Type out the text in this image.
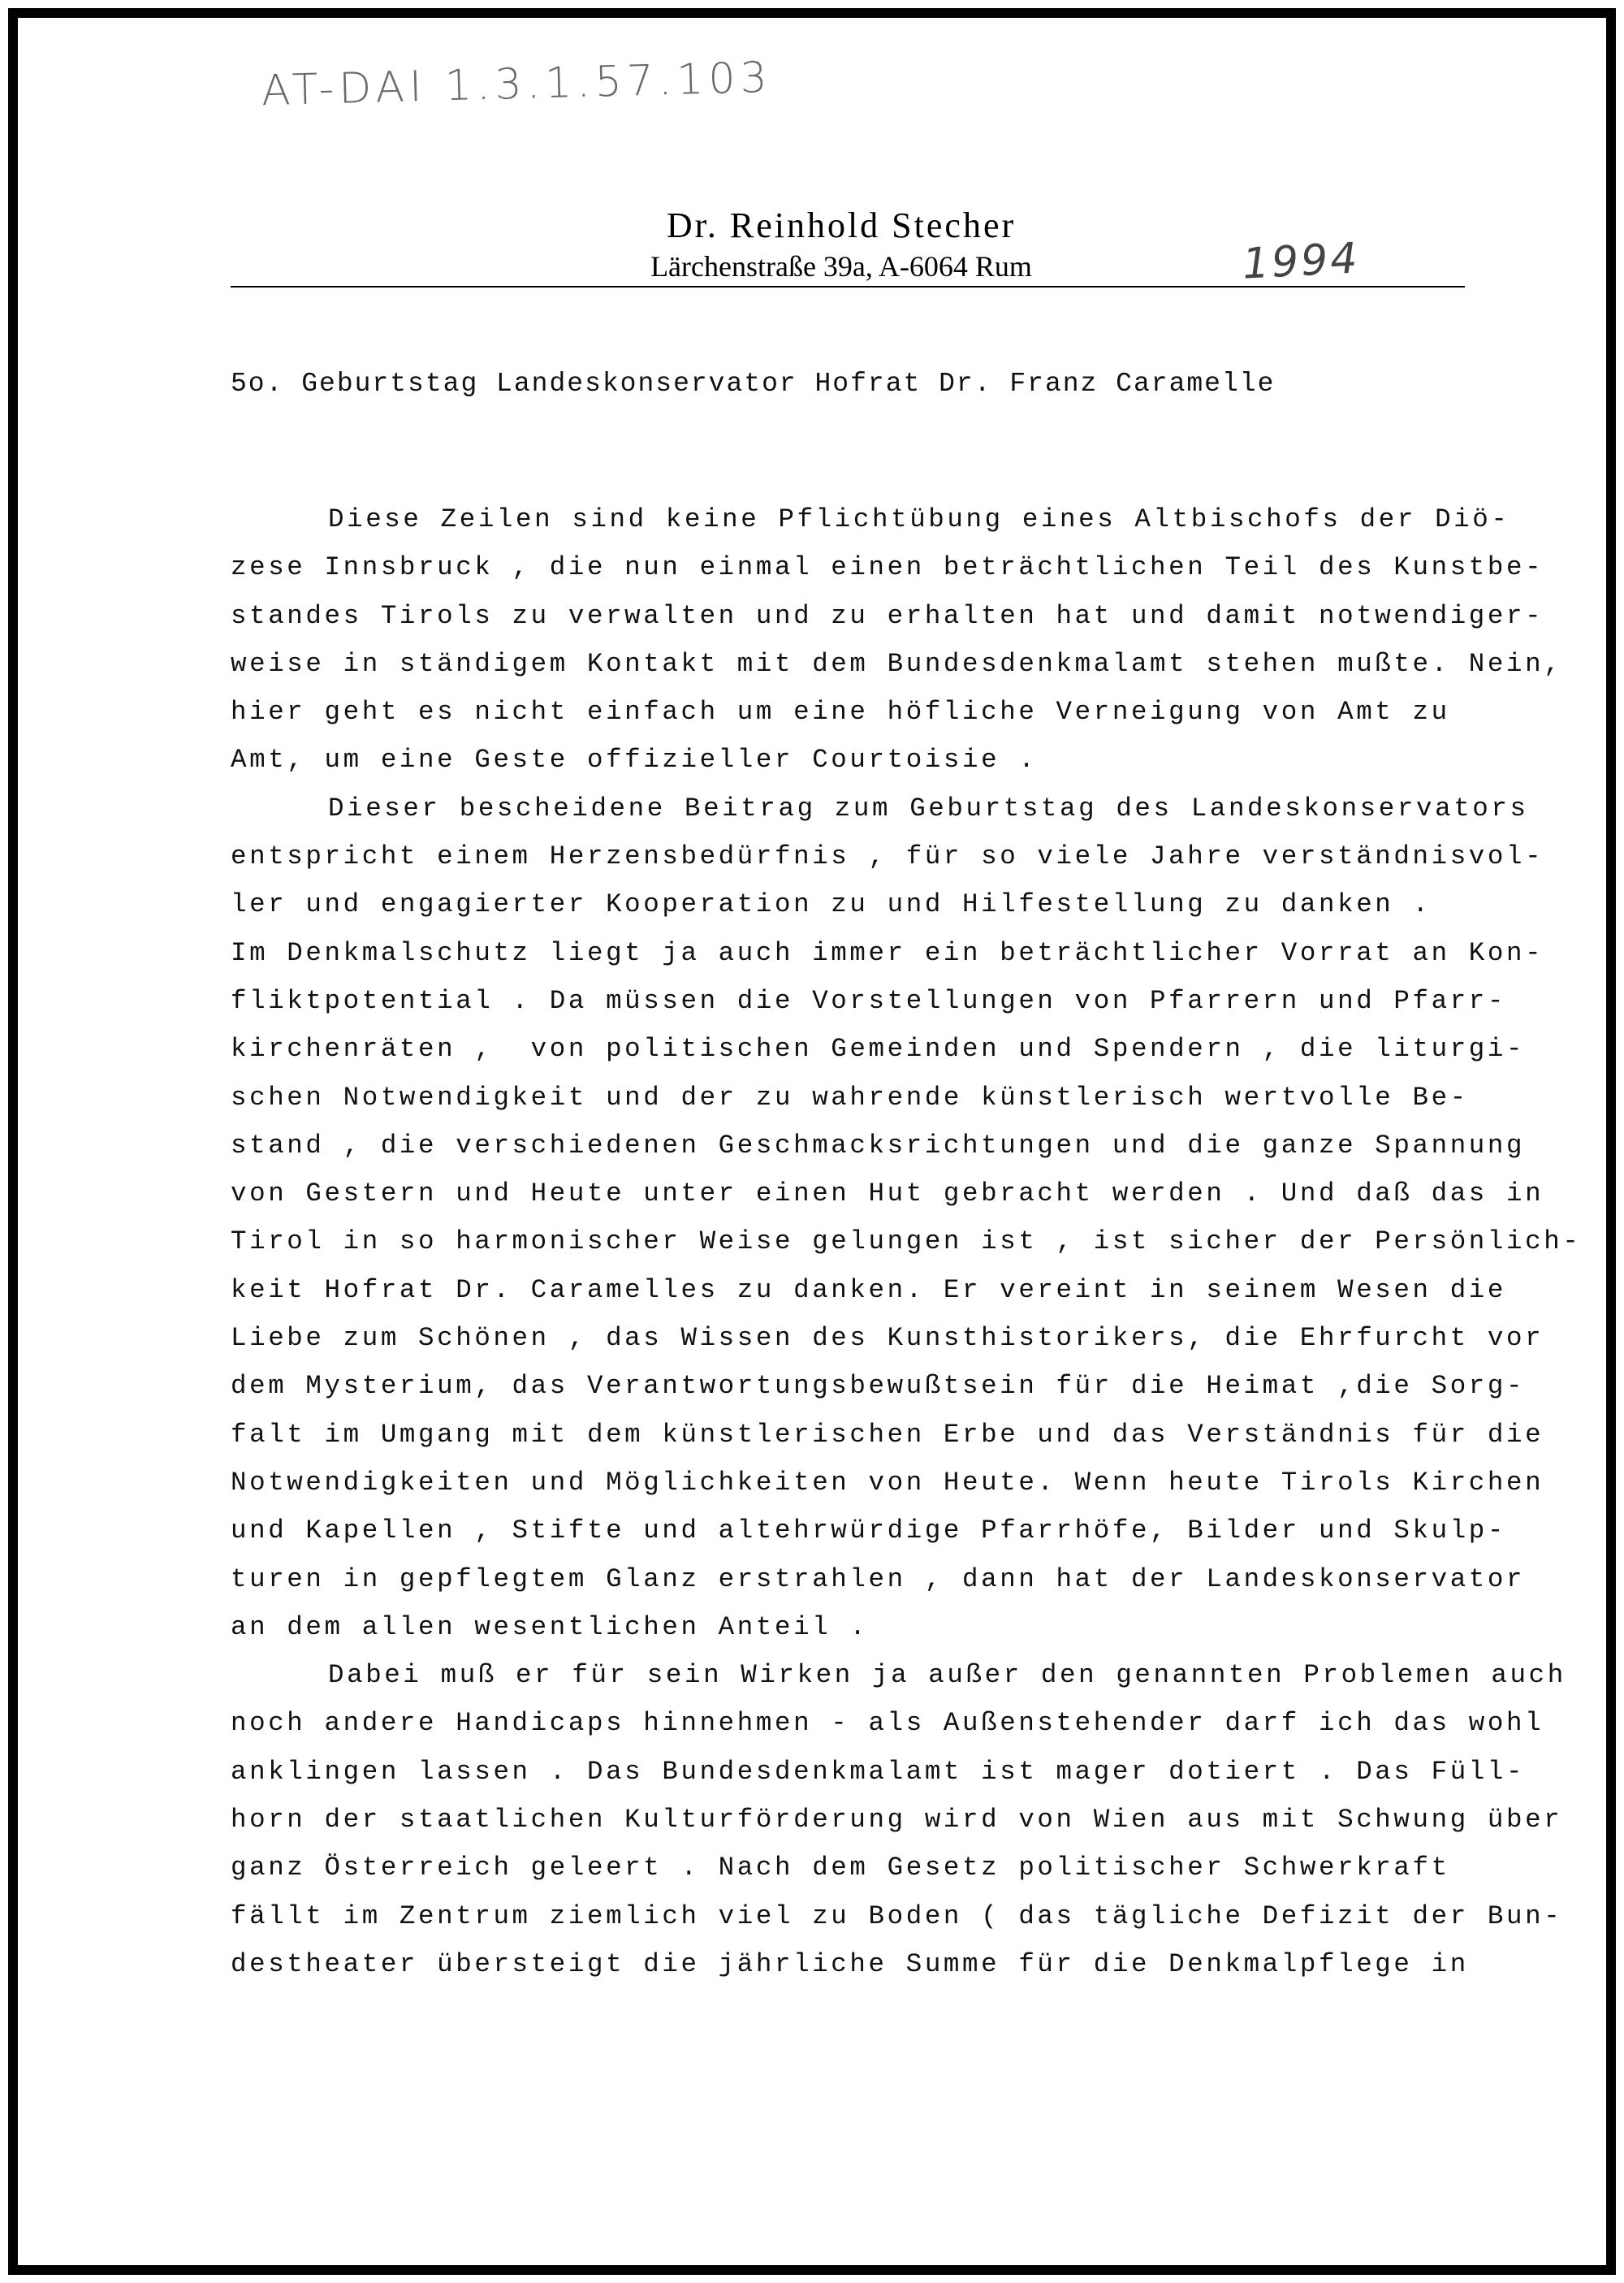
AT-DAI 1.3.1.57.103
Dr. Reinhold Stecher
Lärchenstraße 39a, A-6064 Rum	1994
5o. Geburtstag Landeskonservator Hofrat Dr. Franz Caramelle
Diese Zeilen sind keine Pflichtübung eines Altbischofs der Diö-
zese Innsbruck , die nun einmal einen beträchtlichen Teil des Kunstbe-
standes Tirols zu verwalten und zu erhalten hat und damit notwendiger-
weise in ständigem Kontakt mit dem Bundesdenkmalamt stehen mußte. Nein,
hier geht es nicht einfach um eine höfliche Verneigung von Amt zu
Amt, um eine Geste offizieller Courtoisie .
Dieser bescheidene Beitrag zum Geburtstag des Landeskonservators
entspricht einem Herzensbedürfnis , für so viele Jahre verständnisvol-
ler und engagierter Kooperation zu und Hilfestellung zu danken .
Im Denkmalschutz liegt ja auch immer ein beträchtlicher Vorrat an Kon-
fliktpotential . Da müssen die Vorstellungen von Pfarrern und Pfarr-
kirchenräten ,  von politischen Gemeinden und Spendern , die liturgi-
schen Notwendigkeit und der zu wahrende künstlerisch wertvolle Be-
stand , die verschiedenen Geschmacksrichtungen und die ganze Spannung
von Gestern und Heute unter einen Hut gebracht werden . Und daß das in
Tirol in so harmonischer Weise gelungen ist , ist sicher der Persönlich-
keit Hofrat Dr. Caramelles zu danken. Er vereint in seinem Wesen die
Liebe zum Schönen , das Wissen des Kunsthistorikers, die Ehrfurcht vor
dem Mysterium, das Verantwortungsbewußtsein für die Heimat ,die Sorg-
falt im Umgang mit dem künstlerischen Erbe und das Verständnis für die
Notwendigkeiten und Möglichkeiten von Heute. Wenn heute Tirols Kirchen
und Kapellen , Stifte und altehrwürdige Pfarrhöfe, Bilder und Skulp-
turen in gepflegtem Glanz erstrahlen , dann hat der Landeskonservator
an dem allen wesentlichen Anteil .
Dabei muß er für sein Wirken ja außer den genannten Problemen auch
noch andere Handicaps hinnehmen - als Außenstehender darf ich das wohl
anklingen lassen . Das Bundesdenkmalamt ist mager dotiert . Das Füll-
horn der staatlichen Kulturförderung wird von Wien aus mit Schwung über
ganz Österreich geleert . Nach dem Gesetz politischer Schwerkraft
fällt im Zentrum ziemlich viel zu Boden ( das tägliche Defizit der Bun-
destheater übersteigt die jährliche Summe für die Denkmalpflege in
